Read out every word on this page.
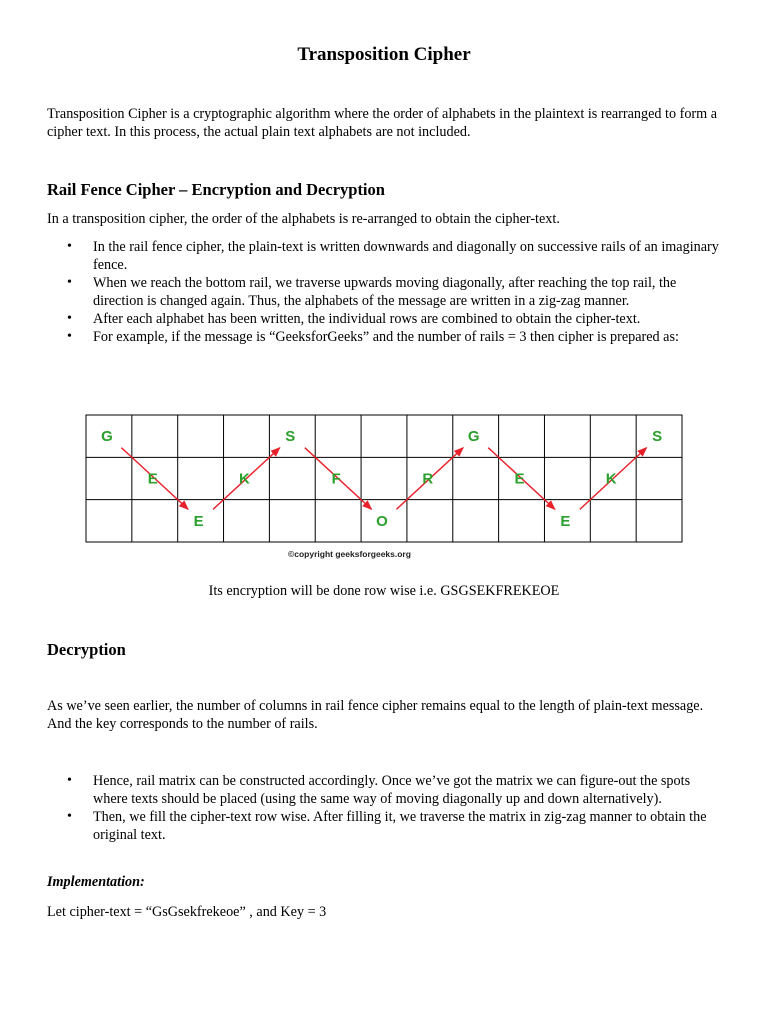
Transposition Cipher

Transposition Cipher is a cryptographic algorithm where the order of alphabets in the plaintext is rearranged to form a cipher text. In this process, the actual plain text alphabets are not included.

Rail Fence Cipher – Encryption and Decryption

In a transposition cipher, the order of the alphabets is re-arranged to obtain the cipher-text.

• In the rail fence cipher, the plain-text is written downwards and diagonally on successive rails of an imaginary fence.
• When we reach the bottom rail, we traverse upwards moving diagonally, after reaching the top rail, the direction is changed again. Thus, the alphabets of the message are written in a zig-zag manner.
• After each alphabet has been written, the individual rows are combined to obtain the cipher-text.
• For example, if the message is “GeeksforGeeks” and the number of rails = 3 then cipher is prepared as:
G
E
E
K
S
F
O
R
G
E
E
K
S
©copyright geeksforgeeks.org
Its encryption will be done row wise i.e. GSGSEKFREKEOE
Decryption

As we’ve seen earlier, the number of columns in rail fence cipher remains equal to the length of plain-text message. And the key corresponds to the number of rails.

• Hence, rail matrix can be constructed accordingly. Once we’ve got the matrix we can figure-out the spots where texts should be placed (using the same way of moving diagonally up and down alternatively).
• Then, we fill the cipher-text row wise. After filling it, we traverse the matrix in zig-zag manner to obtain the original text.

Implementation:

Let cipher-text = “GsGsekfrekeoe” , and Key = 3
